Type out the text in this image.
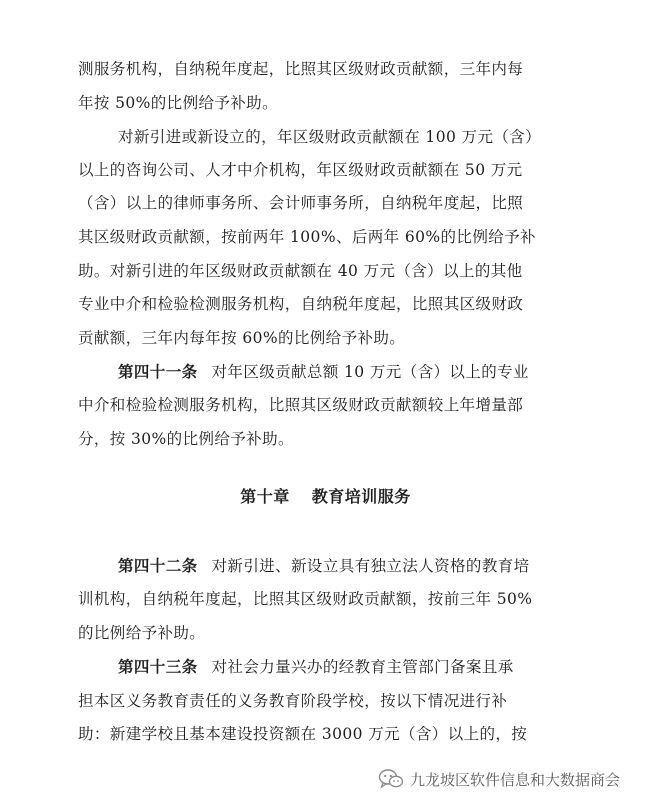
测服务机构，自纳税年度起，比照其区级财政贡献额，三年内每
年按 50%的比例给予补助。
对新引进或新设立的，年区级财政贡献额在 100 万元（含）
以上的咨询公司、人才中介机构，年区级财政贡献额在 50 万元
（含）以上的律师事务所、会计师事务所，自纳税年度起，比照
其区级财政贡献额，按前两年 100%、后两年 60%的比例给予补
助。对新引进的年区级财政贡献额在 40 万元（含）以上的其他
专业中介和检验检测服务机构，自纳税年度起，比照其区级财政
贡献额，三年内每年按 60%的比例给予补助。
第四十一条 对年区级贡献总额 10 万元（含）以上的专业
中介和检验检测服务机构，比照其区级财政贡献额较上年增量部
分，按 30%的比例给予补助。
第十章 教育培训服务
第四十二条 对新引进、新设立具有独立法人资格的教育培
训机构，自纳税年度起，比照其区级财政贡献额，按前三年 50%
的比例给予补助。
第四十三条 对社会力量兴办的经教育主管部门备案且承
担本区义务教育责任的义务教育阶段学校，按以下情况进行补
助：新建学校且基本建设投资额在 3000 万元（含）以上的，按
九龙坡区软件信息和大数据商会
